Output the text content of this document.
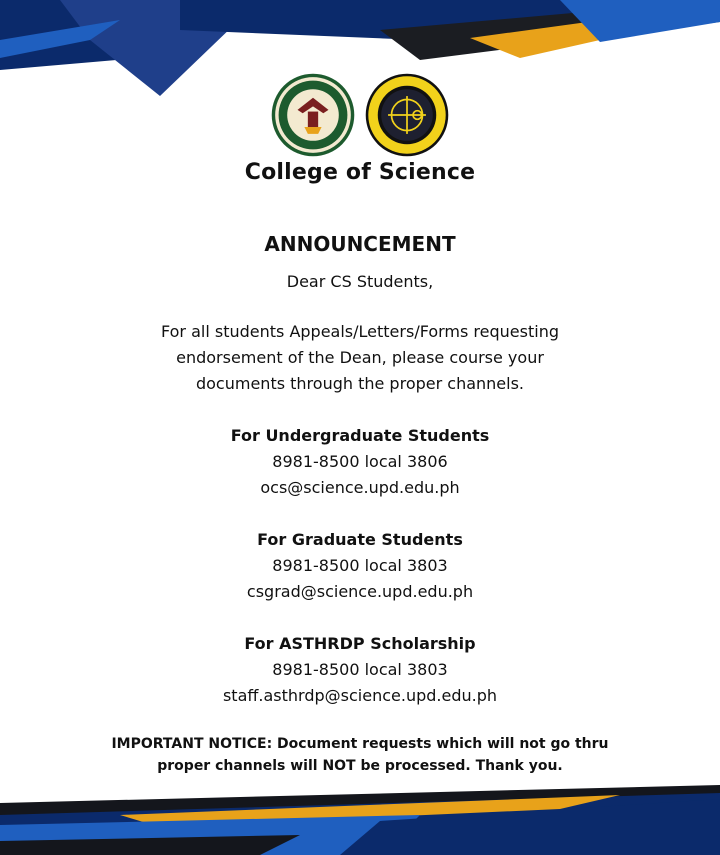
College of Science
ANNOUNCEMENT

Dear CS Students,

For all students Appeals/Letters/Forms requesting
endorsement of the Dean, please course your
documents through the proper channels.

For Undergraduate Students
8981-8500 local 3806
ocs@science.upd.edu.ph
For Graduate Students
8981-8500 local 3803
csgrad@science.upd.edu.ph
For ASTHRDP Scholarship
8981-8500 local 3803
staff.asthrdp@science.upd.edu.ph
IMPORTANT NOTICE: Document requests which will not go thru
proper channels will NOT be processed. Thank you.
